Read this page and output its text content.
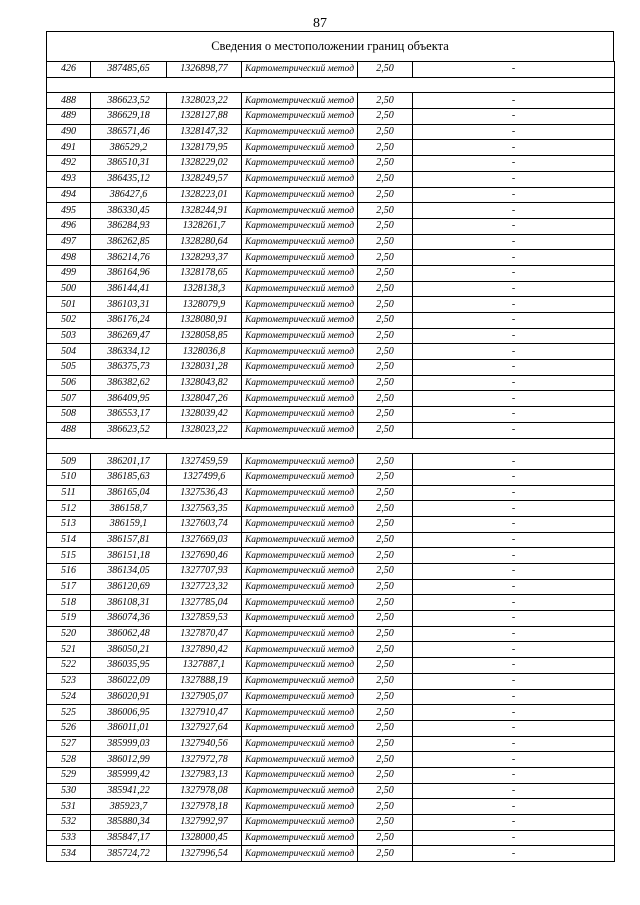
87
Сведения о местоположении границ объекта
426	387485,65	1326898,77	Картометрический метод	2,50	-

488	386623,52	1328023,22	Картометрический метод	2,50	-
489	386629,18	1328127,88	Картометрический метод	2,50	-
490	386571,46	1328147,32	Картометрический метод	2,50	-
491	386529,2	1328179,95	Картометрический метод	2,50	-
492	386510,31	1328229,02	Картометрический метод	2,50	-
493	386435,12	1328249,57	Картометрический метод	2,50	-
494	386427,6	1328223,01	Картометрический метод	2,50	-
495	386330,45	1328244,91	Картометрический метод	2,50	-
496	386284,93	1328261,7	Картометрический метод	2,50	-
497	386262,85	1328280,64	Картометрический метод	2,50	-
498	386214,76	1328293,37	Картометрический метод	2,50	-
499	386164,96	1328178,65	Картометрический метод	2,50	-
500	386144,41	1328138,3	Картометрический метод	2,50	-
501	386103,31	1328079,9	Картометрический метод	2,50	-
502	386176,24	1328080,91	Картометрический метод	2,50	-
503	386269,47	1328058,85	Картометрический метод	2,50	-
504	386334,12	1328036,8	Картометрический метод	2,50	-
505	386375,73	1328031,28	Картометрический метод	2,50	-
506	386382,62	1328043,82	Картометрический метод	2,50	-
507	386409,95	1328047,26	Картометрический метод	2,50	-
508	386553,17	1328039,42	Картометрический метод	2,50	-
488	386623,52	1328023,22	Картометрический метод	2,50	-

509	386201,17	1327459,59	Картометрический метод	2,50	-
510	386185,63	1327499,6	Картометрический метод	2,50	-
511	386165,04	1327536,43	Картометрический метод	2,50	-
512	386158,7	1327563,35	Картометрический метод	2,50	-
513	386159,1	1327603,74	Картометрический метод	2,50	-
514	386157,81	1327669,03	Картометрический метод	2,50	-
515	386151,18	1327690,46	Картометрический метод	2,50	-
516	386134,05	1327707,93	Картометрический метод	2,50	-
517	386120,69	1327723,32	Картометрический метод	2,50	-
518	386108,31	1327785,04	Картометрический метод	2,50	-
519	386074,36	1327859,53	Картометрический метод	2,50	-
520	386062,48	1327870,47	Картометрический метод	2,50	-
521	386050,21	1327890,42	Картометрический метод	2,50	-
522	386035,95	1327887,1	Картометрический метод	2,50	-
523	386022,09	1327888,19	Картометрический метод	2,50	-
524	386020,91	1327905,07	Картометрический метод	2,50	-
525	386006,95	1327910,47	Картометрический метод	2,50	-
526	386011,01	1327927,64	Картометрический метод	2,50	-
527	385999,03	1327940,56	Картометрический метод	2,50	-
528	386012,99	1327972,78	Картометрический метод	2,50	-
529	385999,42	1327983,13	Картометрический метод	2,50	-
530	385941,22	1327978,08	Картометрический метод	2,50	-
531	385923,7	1327978,18	Картометрический метод	2,50	-
532	385880,34	1327992,97	Картометрический метод	2,50	-
533	385847,17	1328000,45	Картометрический метод	2,50	-
534	385724,72	1327996,54	Картометрический метод	2,50	-
